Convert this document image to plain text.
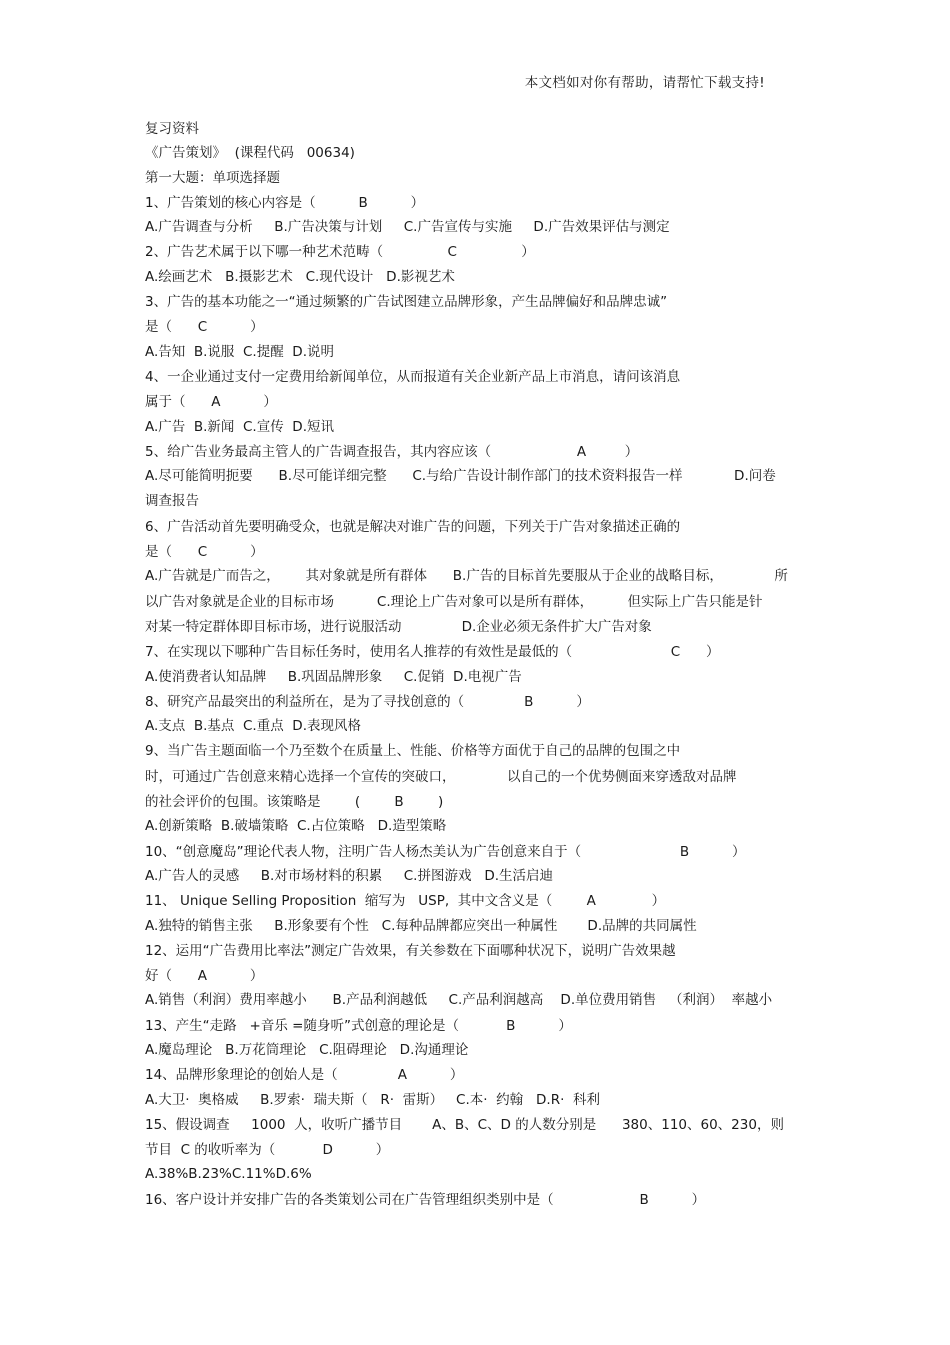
本文档如对你有帮助，请帮忙下载支持!
复习资料
《广告策划》  (课程代码   00634)
第一大题：单项选择题
1、广告策划的核心内容是（          B          ）
A.广告调查与分析     B.广告决策与计划     C.广告宣传与实施     D.广告效果评估与测定
2、广告艺术属于以下哪一种艺术范畴（               C               ）
A.绘画艺术   B.摄影艺术   C.现代设计   D.影视艺术
3、广告的基本功能之一“通过频繁的广告试图建立品牌形象，产生品牌偏好和品牌忠诚”
是（      C          ）
A.告知  B.说服  C.提醒  D.说明
4、一企业通过支付一定费用给新闻单位，从而报道有关企业新产品上市消息，请问该消息
属于（      A          ）
A.广告  B.新闻  C.宣传  D.短讯
5、给广告业务最高主管人的广告调查报告，其内容应该（                    A         ）
A.尽可能简明扼要      B.尽可能详细完整      C.与给广告设计制作部门的技术资料报告一样            D.问卷
调查报告
6、广告活动首先要明确受众，也就是解决对谁广告的问题，下列关于广告对象描述正确的
是（      C          ）
A.广告就是广而告之，      其对象就是所有群体      B.广告的目标首先要服从于企业的战略目标，            所
以广告对象就是企业的目标市场          C.理论上广告对象可以是所有群体，        但实际上广告只能是针
对某一特定群体即目标市场，进行说服活动              D.企业必须无条件扩大广告对象
7、在实现以下哪种广告目标任务时，使用名人推荐的有效性是最低的（                       C      ）
A.使消费者认知品牌     B.巩固品牌形象     C.促销  D.电视广告
8、研究产品最突出的利益所在，是为了寻找创意的（              B          ）
A.支点  B.基点  C.重点  D.表现风格
9、当广告主题面临一个乃至数个在质量上、性能、价格等方面优于自己的品牌的包围之中
时，可通过广告创意来精心选择一个宣传的突破口，            以自己的一个优势侧面来穿透敌对品牌
的社会评价的包围。该策略是        (        B        )
A.创新策略  B.破墙策略  C.占位策略   D.造型策略
10、“创意魔岛”理论代表人物，注明广告人杨杰美认为广告创意来自于（                       B          ）
A.广告人的灵感     B.对市场材料的积累     C.拼图游戏   D.生活启迪
11、 Unique Selling Proposition  缩写为   USP,  其中文含义是（        A             ）
A.独特的销售主张     B.形象要有个性   C.每种品牌都应突出一种属性       D.品牌的共同属性
12、运用“广告费用比率法”测定广告效果，有关参数在下面哪种状况下，说明广告效果越
好（      A          ）
A.销售（利润）费用率越小      B.产品利润越低     C.产品利润越高    D.单位费用销售   （利润）  率越小
13、产生“走路   +音乐 =随身听”式创意的理论是（           B          ）
A.魔岛理论   B.万花筒理论   C.阻碍理论   D.沟通理论
14、品牌形象理论的创始人是（              A          ）
A.大卫·  奥格威     B.罗索·  瑞夫斯（   R·  雷斯）   C.本·  约翰   D.R·  科利
15、假设调查     1000  人，收听广播节目       A、B、C、D 的人数分别是      380、110、60、230，则
节目  C 的收听率为（           D          ）
A.38%B.23%C.11%D.6%
16、客户设计并安排广告的各类策划公司在广告管理组织类别中是（                    B          ）
